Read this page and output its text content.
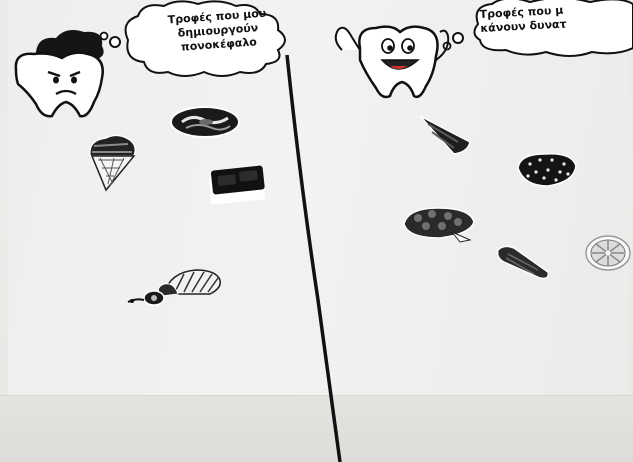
Τροφές που μου
δημιουργούν
πονοκέφαλο

Τροφές που μ
κάνουν δυνατ
